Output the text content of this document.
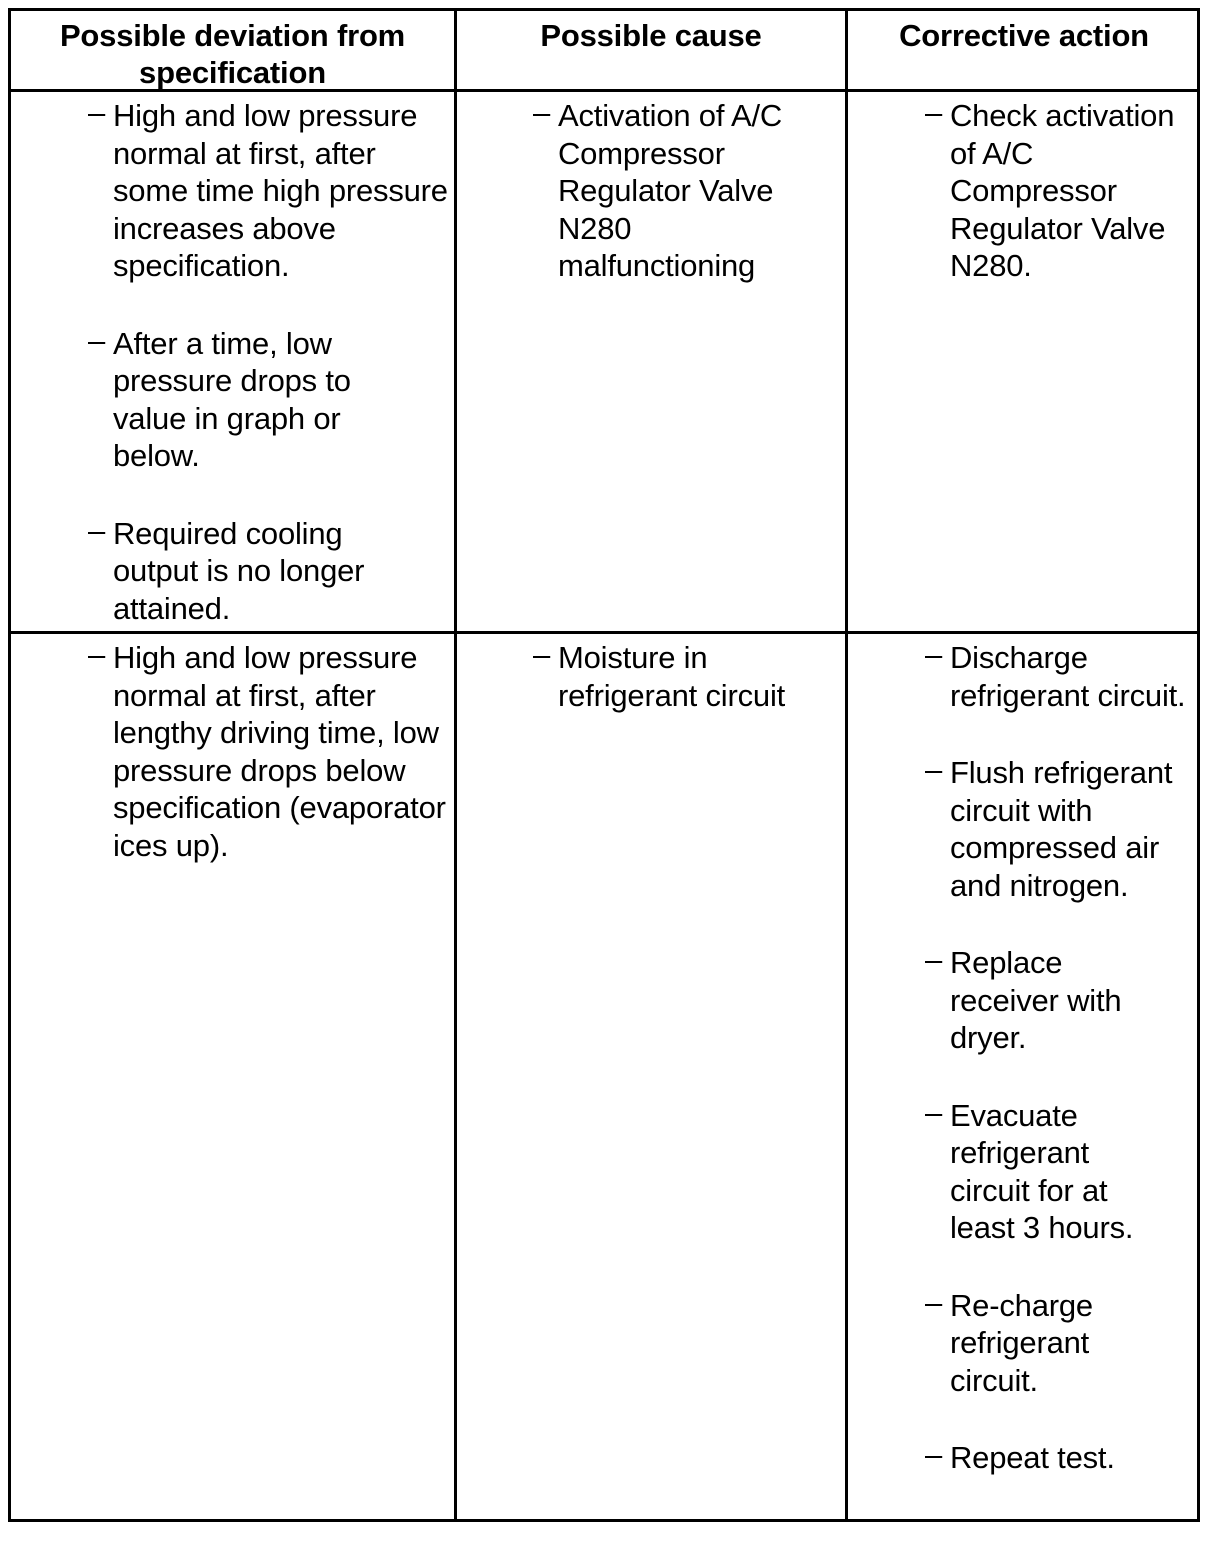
Possible deviation from specification
Possible cause	Corrective action
– High and low pressure normal at first, after some time high pressure increases above specification.
– After a time, low pressure drops to value in graph or below.
– Required cooling output is no longer attained.
– Activation of A/C Compressor Regulator Valve N280 malfunctioning
– Check activation of A/C Compressor Regulator Valve N280.
– High and low pressure normal at first, after lengthy driving time, low pressure drops below specification (evaporator ices up).
– Moisture in refrigerant circuit
– Discharge refrigerant circuit.
– Flush refrigerant circuit with compressed air and nitrogen.
– Replace receiver with dryer.
– Evacuate refrigerant circuit for at least 3 hours.
– Re-charge refrigerant circuit.
– Repeat test.
